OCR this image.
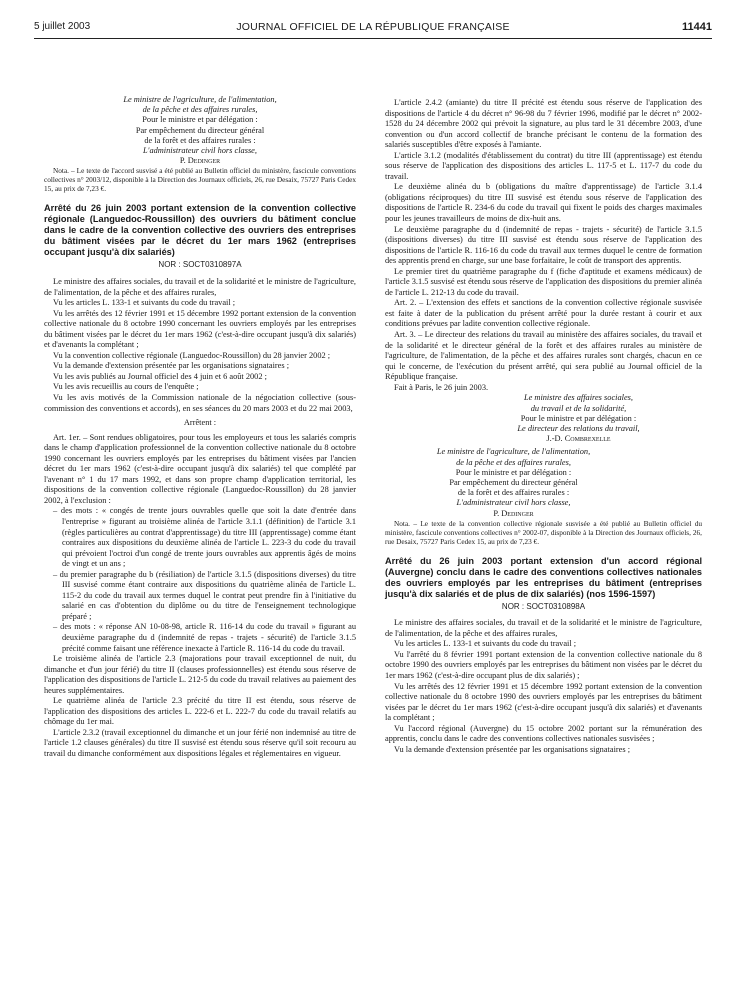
5 juillet 2003	JOURNAL OFFICIEL DE LA RÉPUBLIQUE FRANÇAISE	11441
Le ministre de l'agriculture, de l'alimentation,
de la pêche et des affaires rurales,
Pour le ministre et par délégation :
Par empêchement du directeur général
de la forêt et des affaires rurales :
L'administrateur civil hors classe,
P. Dedinger

Nota. – Le texte de l'accord susvisé a été publié au Bulletin officiel du ministère, fascicule conventions collectives n° 2003/12, disponible à la Direction des Journaux officiels, 26, rue Desaix, 75727 Paris Cedex 15, au prix de 7,23 €.

Arrêté du 26 juin 2003 portant extension de la convention collective régionale (Languedoc-Roussillon) des ouvriers du bâtiment conclue dans le cadre de la convention collective des ouvriers des entreprises du bâtiment visées par le décret du 1er mars 1962 (entreprises occupant jusqu'à dix salariés)
NOR : SOCT0310897A

Le ministre des affaires sociales, du travail et de la solidarité et le ministre de l'agriculture, de l'alimentation, de la pêche et des affaires rurales,

Vu les articles L. 133-1 et suivants du code du travail ;

Vu les arrêtés des 12 février 1991 et 15 décembre 1992 portant extension de la convention collective nationale du 8 octobre 1990 concernant les ouvriers employés par les entreprises du bâtiment visées par le décret du 1er mars 1962 (c'est-à-dire occupant jusqu'à dix salariés) et d'avenants la complétant ;

Vu la convention collective régionale (Languedoc-Roussillon) du 28 janvier 2002 ;

Vu la demande d'extension présentée par les organisations signataires ;

Vu les avis publiés au Journal officiel des 4 juin et 6 août 2002 ;

Vu les avis recueillis au cours de l'enquête ;

Vu les avis motivés de la Commission nationale de la négociation collective (sous-commission des conventions et accords), en ses séances du 20 mars 2003 et du 22 mai 2003,

Arrêtent :

Art. 1er. – Sont rendues obligatoires, pour tous les employeurs et tous les salariés compris dans le champ d'application professionnel de la convention collective nationale du 8 octobre 1990 concernant les ouvriers employés par les entreprises du bâtiment visées par l'ancien décret du 1er mars 1962 (c'est-à-dire occupant jusqu'à dix salariés) tel que complété par l'avenant n° 1 du 17 mars 1992, et dans son propre champ d'application territorial, les dispositions de la convention collective régionale (Languedoc-Roussillon) du 28 janvier 2002, à l'exclusion :

– des mots : « congés de trente jours ouvrables quelle que soit la date d'entrée dans l'entreprise » figurant au troisième alinéa de l'article 3.1.1 (définition) de l'article 3.1 (règles particulières au contrat d'apprentissage) du titre III (apprentissage) comme étant contraires aux dispositions du deuxième alinéa de l'article L. 223-3 du code du travail qui prévoient l'octroi d'un congé de trente jours ouvrables aux apprentis âgés de moins de vingt et un ans ;

– du premier paragraphe du b (résiliation) de l'article 3.1.5 (dispositions diverses) du titre III susvisé comme étant contraire aux dispositions du quatrième alinéa de l'article L. 115-2 du code du travail aux termes duquel le contrat peut prendre fin à l'initiative du salarié en cas d'obtention du diplôme ou du titre de l'enseignement technologique préparé ;

– des mots : « réponse AN 10-08-98, article R. 116-14 du code du travail » figurant au deuxième paragraphe du d (indemnité de repas - trajets - sécurité) de l'article 3.1.5 précité comme faisant une référence inexacte à l'article R. 116-14 du code du travail.

Le troisième alinéa de l'article 2.3 (majorations pour travail exceptionnel de nuit, du dimanche et d'un jour férié) du titre II (clauses professionnelles) est étendu sous réserve de l'application des dispositions de l'article L. 212-5 du code du travail relatives au paiement des heures supplémentaires.

Le quatrième alinéa de l'article 2.3 précité du titre II est étendu, sous réserve de l'application des dispositions des articles L. 222-6 et L. 222-7 du code du travail relatifs au chômage du 1er mai.

L'article 2.3.2 (travail exceptionnel du dimanche et un jour férié non indemnisé au titre de l'article 1.2 clauses générales) du titre II susvisé est étendu sous réserve qu'il soit recouru au travail du dimanche conformément aux dispositions légales et réglementaires en vigueur.

L'article 2.4.2 (amiante) du titre II précité est étendu sous réserve de l'application des dispositions de l'article 4 du décret n° 96-98 du 7 février 1996, modifié par le décret n° 2002-1528 du 24 décembre 2002 qui prévoit la signature, au plus tard le 31 décembre 2003, d'une convention ou d'un accord collectif de branche précisant le contenu de la formation des salariés susceptibles d'être exposés à l'amiante.

L'article 3.1.2 (modalités d'établissement du contrat) du titre III (apprentissage) est étendu sous réserve de l'application des dispositions des articles L. 117-5 et L. 117-7 du code du travail.

Le deuxième alinéa du b (obligations du maître d'apprentissage) de l'article 3.1.4 (obligations réciproques) du titre III susvisé est étendu sous réserve de l'application des dispositions de l'article R. 234-6 du code du travail qui fixent le poids des charges maximales pour les jeunes travailleurs de moins de dix-huit ans.

Le deuxième paragraphe du d (indemnité de repas - trajets - sécurité) de l'article 3.1.5 (dispositions diverses) du titre III susvisé est étendu sous réserve de l'application des dispositions de l'article R. 116-16 du code du travail aux termes duquel le centre de formation des apprentis prend en charge, sur une base forfaitaire, le coût de transport des apprentis.

Le premier tiret du quatrième paragraphe du f (fiche d'aptitude et examens médicaux) de l'article 3.1.5 susvisé est étendu sous réserve de l'application des dispositions du premier alinéa de l'article L. 212-13 du code du travail.

Art. 2. – L'extension des effets et sanctions de la convention collective régionale susvisée est faite à dater de la publication du présent arrêté pour la durée restant à courir et aux conditions prévues par ladite convention collective régionale.

Art. 3. – Le directeur des relations du travail au ministère des affaires sociales, du travail et de la solidarité et le directeur général de la forêt et des affaires rurales au ministère de l'agriculture, de l'alimentation, de la pêche et des affaires rurales sont chargés, chacun en ce qui le concerne, de l'exécution du présent arrêté, qui sera publié au Journal officiel de la République française.

Fait à Paris, le 26 juin 2003.

Le ministre des affaires sociales,
du travail et de la solidarité,
Pour le ministre et par délégation :
Le directeur des relations du travail,
J.-D. Combrexelle
Le ministre de l'agriculture, de l'alimentation,
de la pêche et des affaires rurales,
Pour le ministre et par délégation :
Par empêchement du directeur général
de la forêt et des affaires rurales :
L'administrateur civil hors classe,
P. Dedinger

Nota. – Le texte de la convention collective régionale susvisée a été publié au Bulletin officiel du ministère, fascicule conventions collectives n° 2002-07, disponible à la Direction des Journaux officiels, 26, rue Desaix, 75727 Paris Cedex 15, au prix de 7,23 €.

Arrêté du 26 juin 2003 portant extension d'un accord régional (Auvergne) conclu dans le cadre des conventions collectives nationales des ouvriers employés par les entreprises du bâtiment (entreprises jusqu'à dix salariés et de plus de dix salariés) (nos 1596-1597)
NOR : SOCT0310898A

Le ministre des affaires sociales, du travail et de la solidarité et le ministre de l'agriculture, de l'alimentation, de la pêche et des affaires rurales,

Vu les articles L. 133-1 et suivants du code du travail ;

Vu l'arrêté du 8 février 1991 portant extension de la convention collective nationale du 8 octobre 1990 des ouvriers employés par les entreprises du bâtiment non visées par le décret du 1er mars 1962 (c'est-à-dire occupant plus de dix salariés) ;

Vu les arrêtés des 12 février 1991 et 15 décembre 1992 portant extension de la convention collective nationale du 8 octobre 1990 des ouvriers employés par les entreprises du bâtiment visées par le décret du 1er mars 1962 (c'est-à-dire occupant jusqu'à dix salariés) et d'avenants la complétant ;

Vu l'accord régional (Auvergne) du 15 octobre 2002 portant sur la rémunération des apprentis, conclu dans le cadre des conventions collectives nationales susvisées ;

Vu la demande d'extension présentée par les organisations signataires ;
